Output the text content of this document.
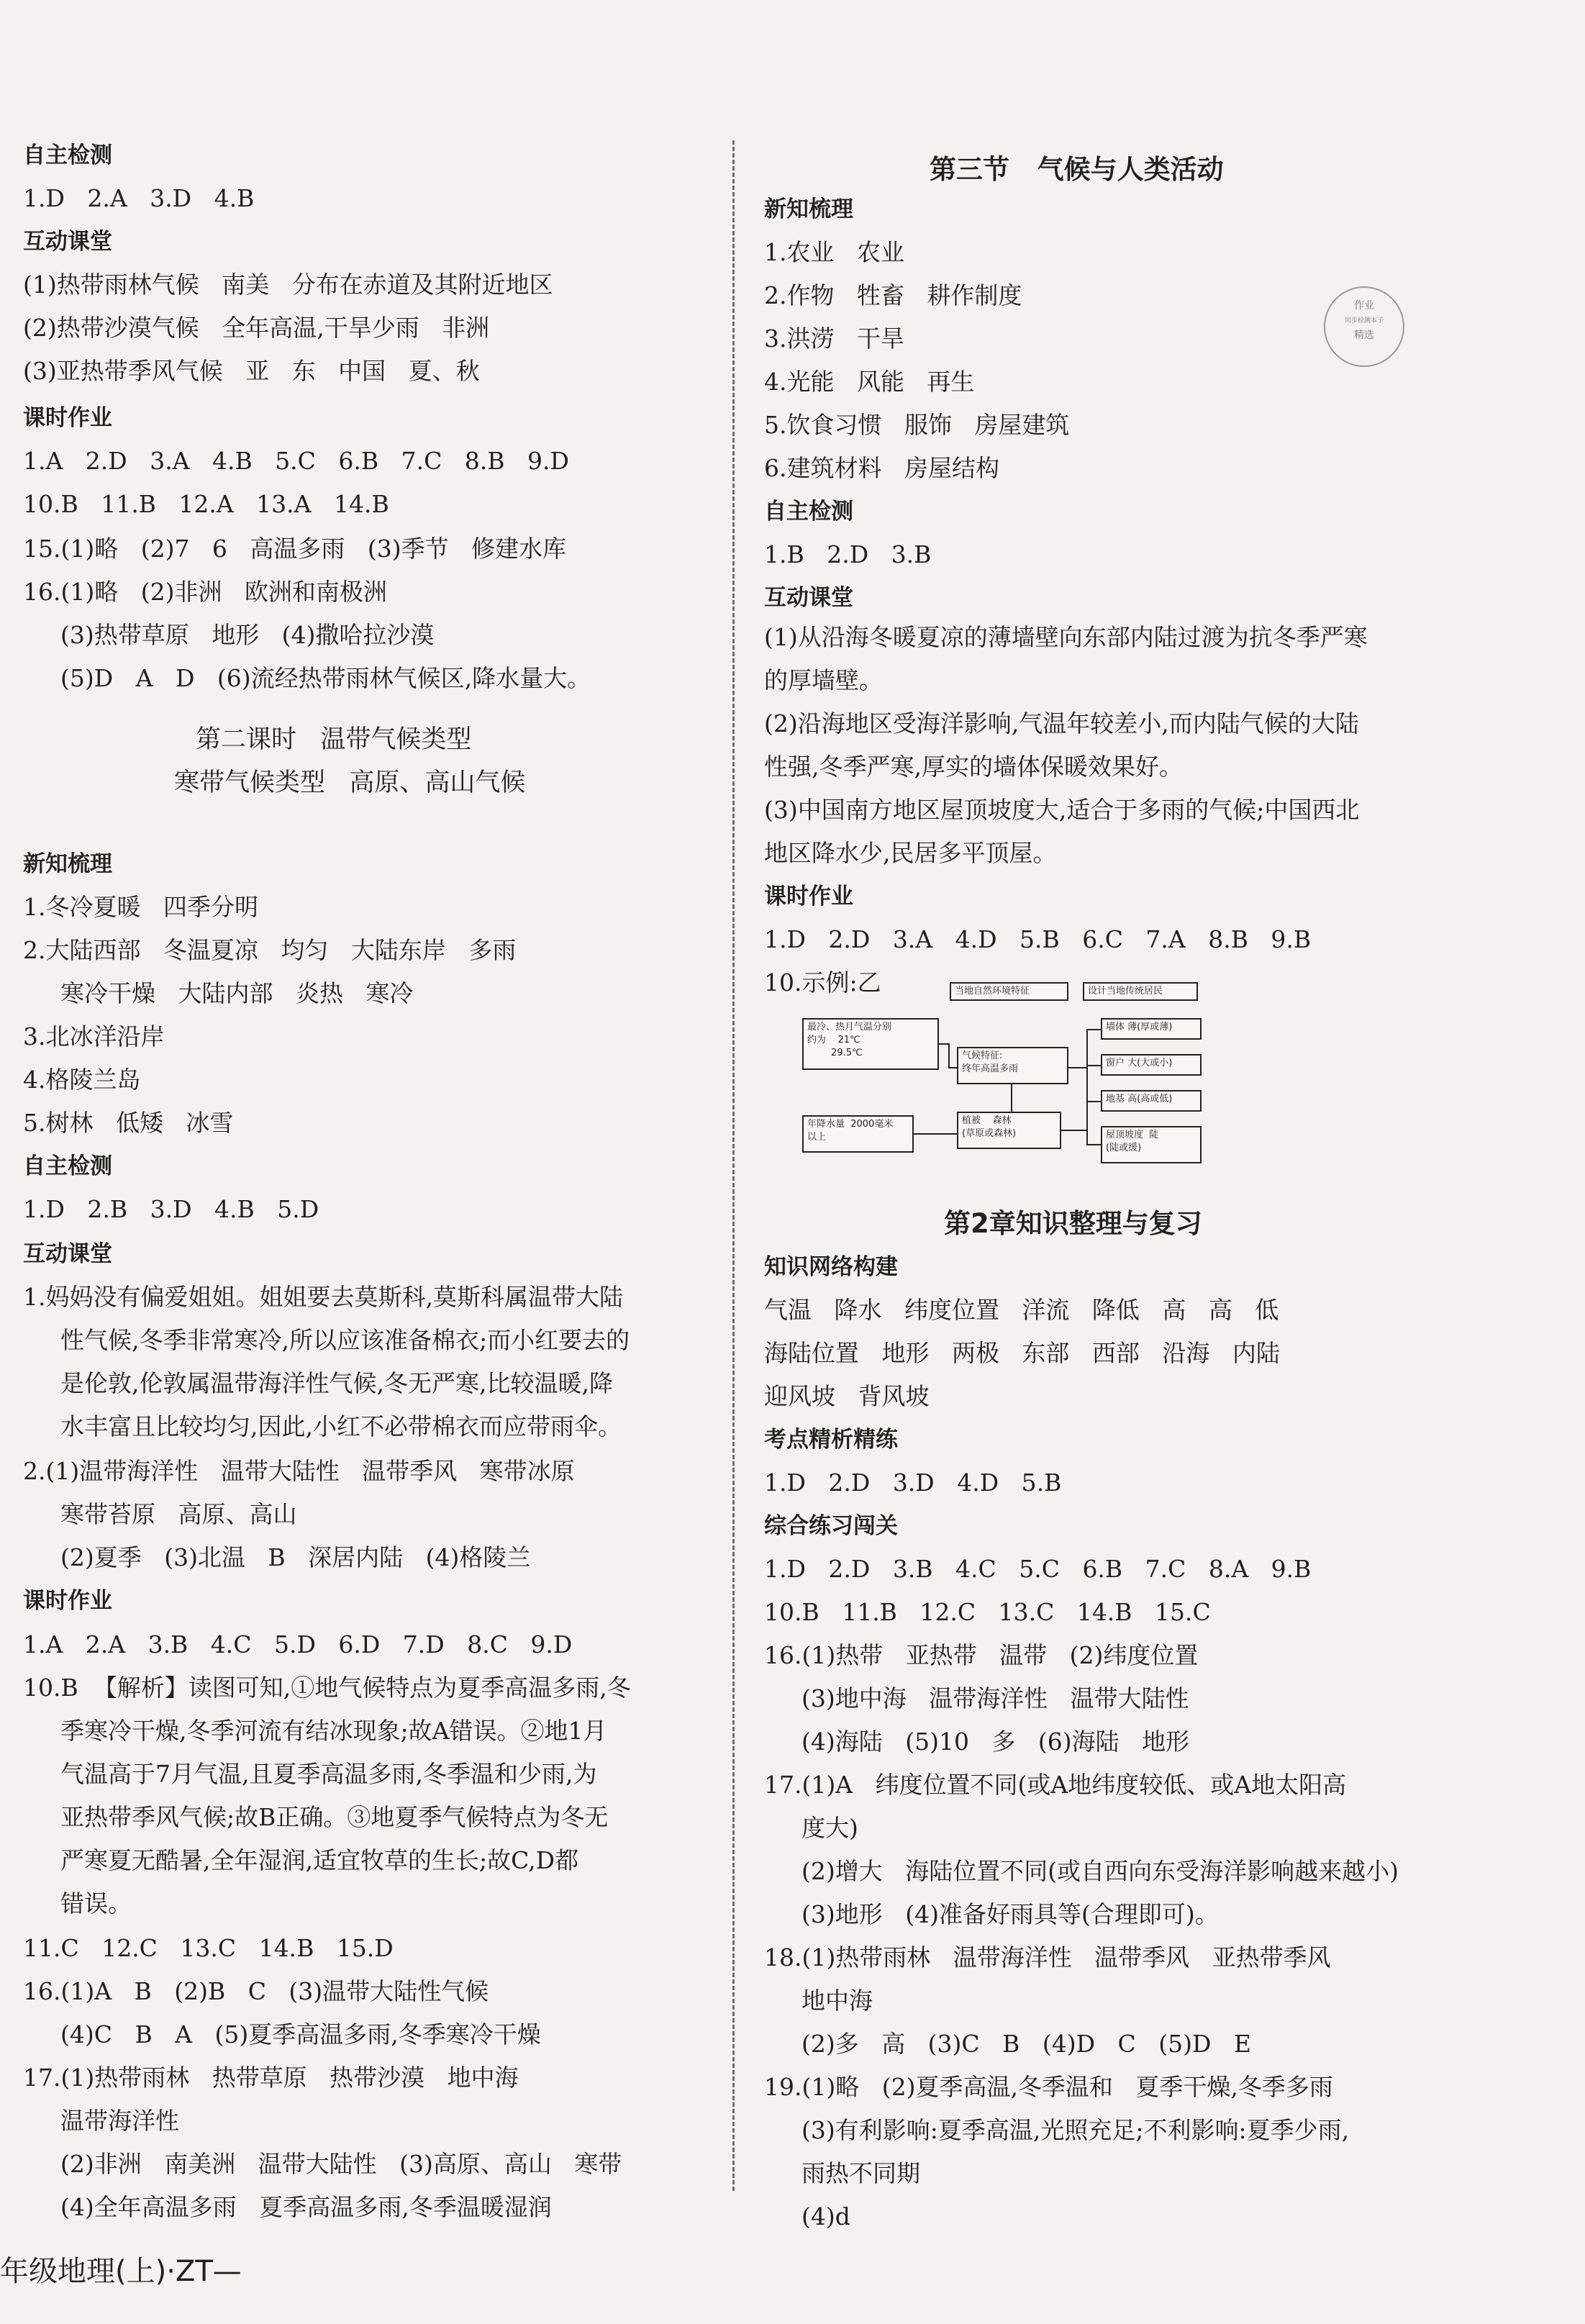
自主检测
1.D   2.A   3.D   4.B
互动课堂
(1)热带雨林气候   南美   分布在赤道及其附近地区
(2)热带沙漠气候   全年高温,干旱少雨   非洲
(3)亚热带季风气候   亚   东   中国   夏、秋
课时作业
1.A   2.D   3.A   4.B   5.C   6.B   7.C   8.B   9.D
10.B   11.B   12.A   13.A   14.B
15.(1)略   (2)7   6   高温多雨   (3)季节   修建水库
16.(1)略   (2)非洲   欧洲和南极洲
(3)热带草原   地形   (4)撒哈拉沙漠
(5)D   A   D   (6)流经热带雨林气候区,降水量大。
新知梳理
1.冬冷夏暖   四季分明
2.大陆西部   冬温夏凉   均匀   大陆东岸   多雨
寒冷干燥   大陆内部   炎热   寒冷
3.北冰洋沿岸
4.格陵兰岛
5.树林   低矮   冰雪
自主检测
1.D   2.B   3.D   4.B   5.D
互动课堂
1.妈妈没有偏爱姐姐。姐姐要去莫斯科,莫斯科属温带大陆
性气候,冬季非常寒冷,所以应该准备棉衣;而小红要去的
是伦敦,伦敦属温带海洋性气候,冬无严寒,比较温暖,降
水丰富且比较均匀,因此,小红不必带棉衣而应带雨伞。
2.(1)温带海洋性   温带大陆性   温带季风   寒带冰原
寒带苔原   高原、高山
(2)夏季   (3)北温   B   深居内陆   (4)格陵兰
课时作业
1.A   2.A   3.B   4.C   5.D   6.D   7.D   8.C   9.D
10.B  【解析】读图可知,①地气候特点为夏季高温多雨,冬
季寒冷干燥,冬季河流有结冰现象;故A错误。②地1月
气温高于7月气温,且夏季高温多雨,冬季温和少雨,为
亚热带季风气候;故B正确。③地夏季气候特点为冬无
严寒夏无酷暑,全年湿润,适宜牧草的生长;故C,D都
错误。
11.C   12.C   13.C   14.B   15.D
16.(1)A   B   (2)B   C   (3)温带大陆性气候
(4)C   B   A   (5)夏季高温多雨,冬季寒冷干燥
17.(1)热带雨林   热带草原   热带沙漠   地中海
温带海洋性
(2)非洲   南美洲   温带大陆性   (3)高原、高山   寒带
(4)全年高温多雨   夏季高温多雨,冬季温暖湿润
第二课时   温带气候类型
寒带气候类型   高原、高山气候
新知梳理
1.农业   农业
2.作物   牲畜   耕作制度
3.洪涝   干旱
4.光能   风能   再生
5.饮食习惯   服饰   房屋建筑
6.建筑材料   房屋结构
自主检测
1.B   2.D   3.B
互动课堂
(1)从沿海冬暖夏凉的薄墙壁向东部内陆过渡为抗冬季严寒
的厚墙壁。
(2)沿海地区受海洋影响,气温年较差小,而内陆气候的大陆
性强,冬季严寒,厚实的墙体保暖效果好。
(3)中国南方地区屋顶坡度大,适合于多雨的气候;中国西北
地区降水少,民居多平顶屋。
课时作业
1.D   2.D   3.A   4.D   5.B   6.C   7.A   8.B   9.B
10.示例:乙
知识网络构建
气温   降水   纬度位置   洋流   降低   高   高   低
海陆位置   地形   两极   东部   西部   沿海   内陆
迎风坡   背风坡
考点精析精练
1.D   2.D   3.D   4.D   5.B
综合练习闯关
1.D   2.D   3.B   4.C   5.C   6.B   7.C   8.A   9.B
10.B   11.B   12.C   13.C   14.B   15.C
16.(1)热带   亚热带   温带   (2)纬度位置
(3)地中海   温带海洋性   温带大陆性
(4)海陆   (5)10   多   (6)海陆   地形
17.(1)A   纬度位置不同(或A地纬度较低、或A地太阳高
度大)
(2)增大   海陆位置不同(或自西向东受海洋影响越来越小)
(3)地形   (4)准备好雨具等(合理即可)。
18.(1)热带雨林   温带海洋性   温带季风   亚热带季风
地中海
(2)多   高   (3)C   B   (4)D   C   (5)D   E
19.(1)略   (2)夏季高温,冬季温和   夏季干燥,冬季多雨
(3)有利影响:夏季高温,光照充足;不利影响:夏季少雨,
雨热不同期
(4)d
第三节   气候与人类活动
第2章知识整理与复习
当地自然环境特征	设计当地传统居民
最冷、热月气温分别
约为    21℃
29.5℃
年降水量  2000毫米
以上
气候特征:
终年高温多雨
植被    森林
(草原或森林)
墙体 薄(厚或薄)
窗户 大(大或小)
地基 高(高或低)
屋顶坡度  陡
(陡或缓)
作业
同步检测本子
精选
年级地理(上)·ZT—
